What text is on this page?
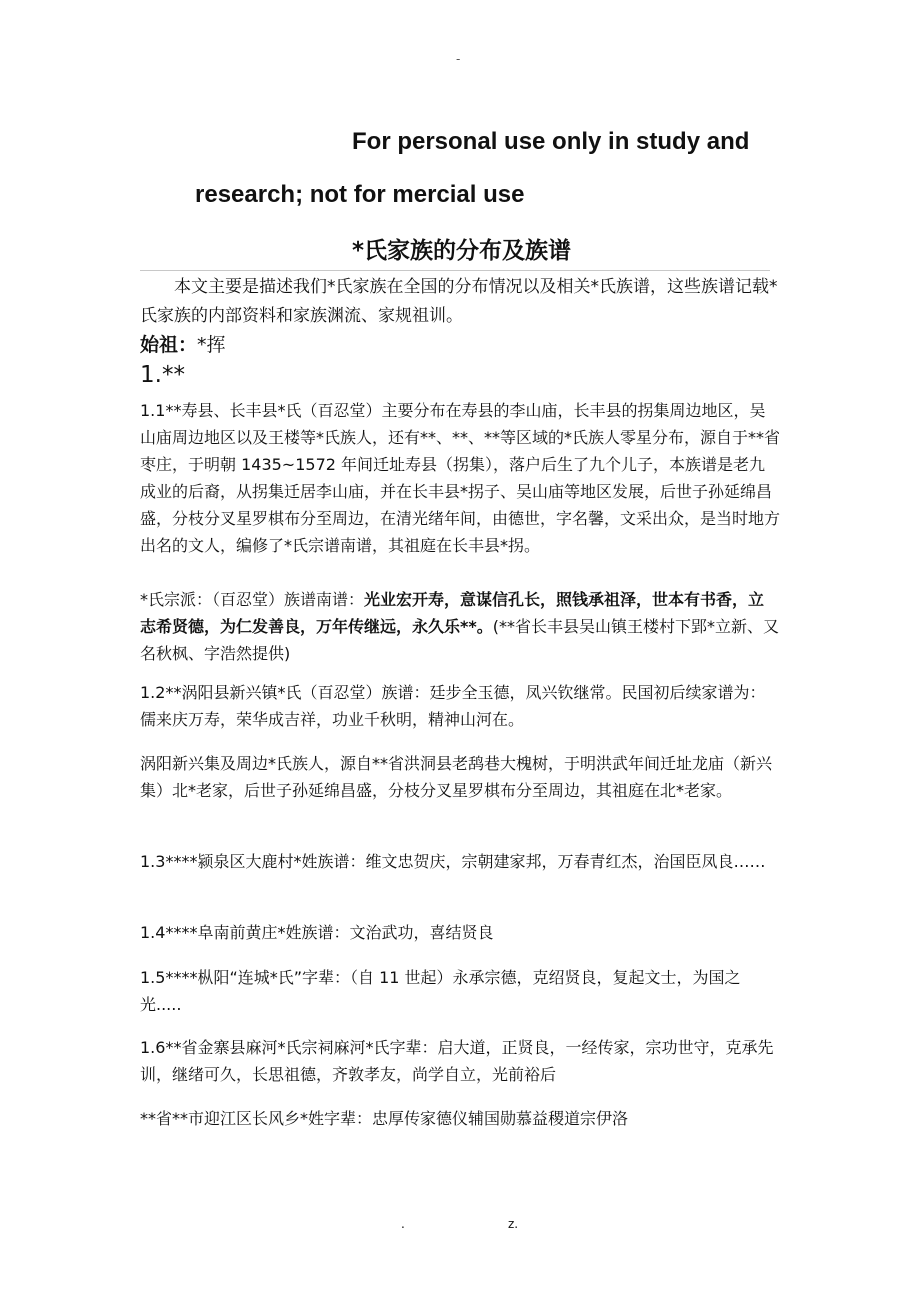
-
For personal use only in study and
research; not for mercial use
*氏家族的分布及族谱
本文主要是描述我们*氏家族在全国的分布情况以及相关*氏族谱，这些族谱记载*氏家族的内部资料和家族渊流、家规祖训。
始祖：*挥
1.**
1.1**寿县、长丰县*氏（百忍堂）主要分布在寿县的李山庙，长丰县的拐集周边地区，吴山庙周边地区以及王楼等*氏族人，还有**、**、**等区域的*氏族人零星分布，源自于**省枣庄，于明朝 1435~1572 年间迁址寿县（拐集），落户后生了九个儿子，本族谱是老九成业的后裔，从拐集迁居李山庙，并在长丰县*拐子、吴山庙等地区发展，后世子孙延绵昌盛，分枝分叉星罗棋布分至周边，在清光绪年间，由德世，字名馨，文采出众，是当时地方出名的文人，编修了*氏宗谱南谱，其祖庭在长丰县*拐。
*氏宗派：（百忍堂）族谱南谱：光业宏开寿，意谋信孔长，照钱承祖泽，世本有书香，立志希贤德，为仁发善良，万年传继远，永久乐**。(**省长丰县吴山镇王楼村下郢*立新、又名秋枫、字浩然提供)
1.2**涡阳县新兴镇*氏（百忍堂）族谱：廷步全玉德，凤兴钦继常。民国初后续家谱为：儒来庆万寿，荣华成吉祥，功业千秋明，精神山河在。
涡阳新兴集及周边*氏族人，源自**省洪洞县老鸹巷大槐树，于明洪武年间迁址龙庙（新兴集）北*老家，后世子孙延绵昌盛，分枝分叉星罗棋布分至周边，其祖庭在北*老家。
1.3****颍泉区大鹿村*姓族谱：维文忠贺庆，宗朝建家邦，万春青红杰，治国臣凤良……
1.4****阜南前黄庄*姓族谱：文治武功，喜结贤良
1.5****枞阳“连城*氏”字辈：（自 11 世起）永承宗德，克绍贤良，复起文士，为国之光.....
1.6**省金寨县麻河*氏宗祠麻河*氏字辈：启大道，正贤良，一经传家，宗功世守，克承先训，继绪可久，长思祖德，齐敦孝友，尚学自立，光前裕后
**省**市迎江区长风乡*姓字辈：忠厚传家德仪辅国勋慕益稷道宗伊洛
.	z.
